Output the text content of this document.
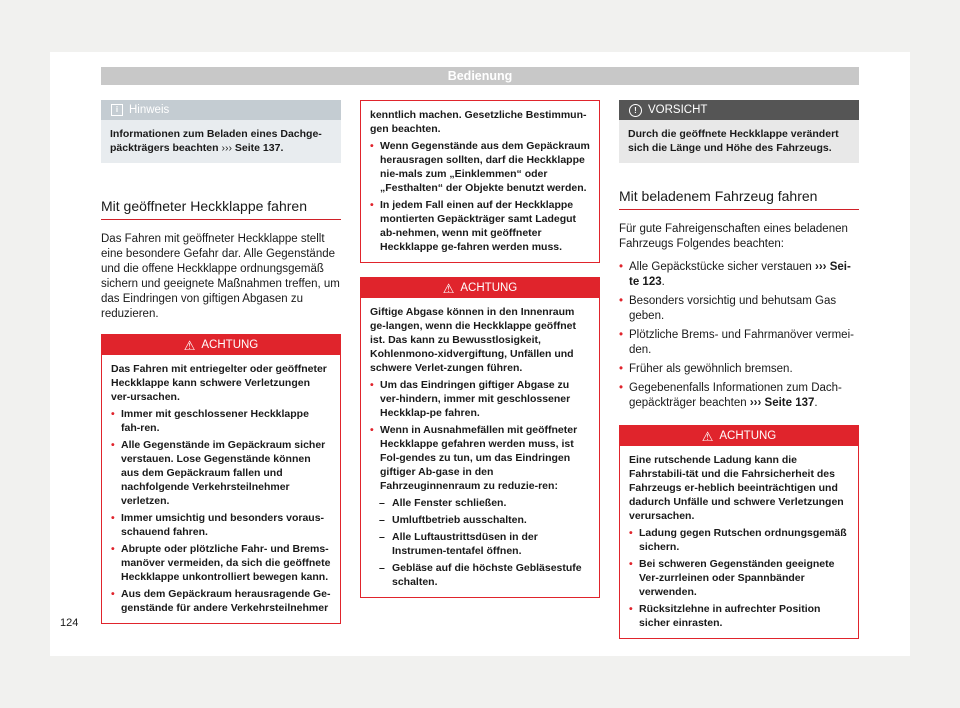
Bedienung
i Hinweis
Informationen zum Beladen eines Dachge-päckträgers beachten ››› Seite 137.
Mit geöffneter Heckklappe fahren

Das Fahren mit geöffneter Heckklappe stellt eine besondere Gefahr dar. Alle Gegenstände und die offene Heckklappe ordnungsgemäß sichern und geeignete Maßnahmen treffen, um das Eindringen von giftigen Abgasen zu reduzieren.

⚠ ACHTUNG

Das Fahren mit entriegelter oder geöffneter Heckklappe kann schwere Verletzungen ver-ursachen.

• Immer mit geschlossener Heckklappe fah-ren.

• Alle Gegenstände im Gepäckraum sicher verstauen. Lose Gegenstände können aus dem Gepäckraum fallen und nachfolgende Verkehrsteilnehmer verletzen.

• Immer umsichtig und besonders voraus-schauend fahren.

• Abrupte oder plötzliche Fahr- und Brems-manöver vermeiden, da sich die geöffnete Heckklappe unkontrolliert bewegen kann.

• Aus dem Gepäckraum herausragende Ge-genstände für andere Verkehrsteilnehmer

kenntlich machen. Gesetzliche Bestimmun-gen beachten.

• Wenn Gegenstände aus dem Gepäckraum herausragen sollten, darf die Heckklappe nie-mals zum „Einklemmen“ oder „Festhalten“ der Objekte benutzt werden.

• In jedem Fall einen auf der Heckklappe montierten Gepäckträger samt Ladegut ab-nehmen, wenn mit geöffneter Heckklappe ge-fahren werden muss.

⚠ ACHTUNG

Giftige Abgase können in den Innenraum ge-langen, wenn die Heckklappe geöffnet ist. Das kann zu Bewusstlosigkeit, Kohlenmono-xidvergiftung, Unfällen und schwere Verlet-zungen führen.

• Um das Eindringen giftiger Abgase zu ver-hindern, immer mit geschlossener Heckklap-pe fahren.

• Wenn in Ausnahmefällen mit geöffneter Heckklappe gefahren werden muss, ist Fol-gendes zu tun, um das Eindringen giftiger Ab-gase in den Fahrzeuginnenraum zu reduzie-ren:

– Alle Fenster schließen.

– Umluftbetrieb ausschalten.

– Alle Luftaustrittsdüsen in der Instrumen-tentafel öffnen.

– Gebläse auf die höchste Gebläsestufe schalten.

! VORSICHT
Durch die geöffnete Heckklappe verändert sich die Länge und Höhe des Fahrzeugs.
Mit beladenem Fahrzeug fahren

Für gute Fahreigenschaften eines beladenen Fahrzeugs Folgendes beachten:

• Alle Gepäckstücke sicher verstauen ››› Sei-te 123.

• Besonders vorsichtig und behutsam Gas geben.

• Plötzliche Brems- und Fahrmanöver vermei-den.

• Früher als gewöhnlich bremsen.

• Gegebenenfalls Informationen zum Dach-gepäckträger beachten ››› Seite 137.

⚠ ACHTUNG

Eine rutschende Ladung kann die Fahrstabili-tät und die Fahrsicherheit des Fahrzeugs er-heblich beeinträchtigen und dadurch Unfälle und schwere Verletzungen verursachen.

• Ladung gegen Rutschen ordnungsgemäß sichern.

• Bei schweren Gegenständen geeignete Ver-zurrleinen oder Spannbänder verwenden.

• Rücksitzlehne in aufrechter Position sicher einrasten.

124
